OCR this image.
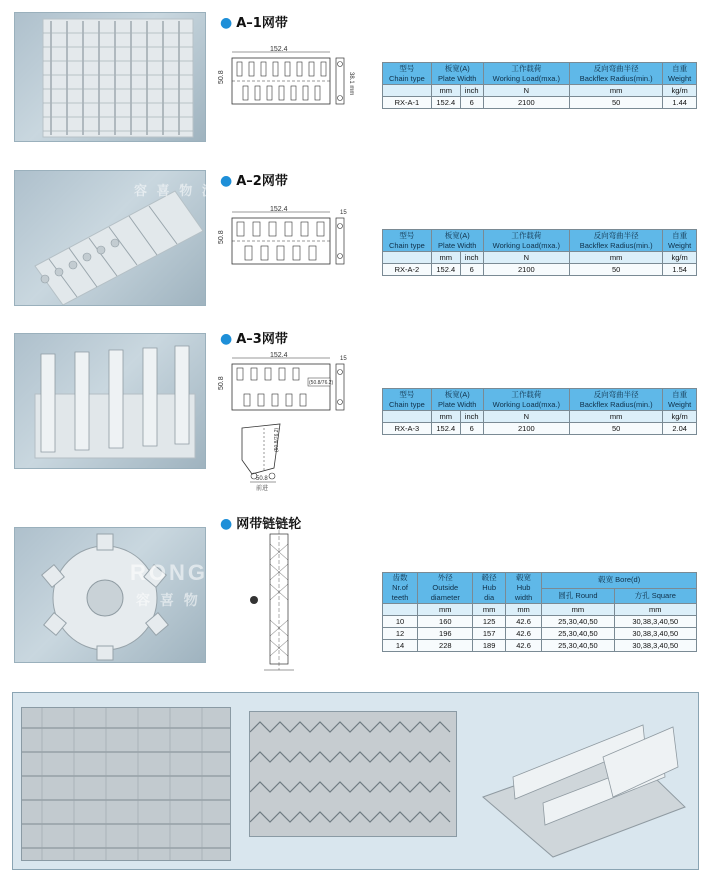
● A–1网带
152.4
50.8	38.1 mm
型号
Chain type	板宽(A)
Plate Width		工作载荷
Working Load(mxa.)	反向弯曲半径
Backflex Radius(min.)	自重
Weight

	mm	inch	N	mm	kg/m
RX-A-1	152.4	6	2100	50	1.44
● A–2网带
152.4
50.8
15
型号
Chain type	板宽(A)
Plate Width		工作载荷
Working Load(mxa.)	反向弯曲半径
Backflex Radius(min.)	自重
Weight

	mm	inch	N	mm	kg/m
RX-A-2	152.4	6	2100	50	1.54
● A–3网带
152.4
(50.8/76.2)
50.8
15
(50.8/76.2)
50.8
前进
型号
Chain type	板宽(A)
Plate Width		工作载荷
Working Load(mxa.)	反向弯曲半径
Backflex Radius(min.)	自重
Weight

	mm	inch	N	mm	kg/m
RX-A-3	152.4	6	2100	50	2.04
● 网带链链轮
齿数
Nr.of
teeth	外径
Outside
diameter	毂径
Hub
dia	毂宽
Hub
width	毂宽 Bore(d)	
				圆孔 Round	方孔 Square
	mm	mm	mm	mm	mm
10	160	125	42.6	25,30,40,50	30,38,3,40,50
12	196	157	42.6	25,30,40,50	30,38,3,40,50
14	228	189	42.6	25,30,40,50	30,38,3,40,50
RONGXI
容 喜 物 流
RONGXI
容 喜 物 流
